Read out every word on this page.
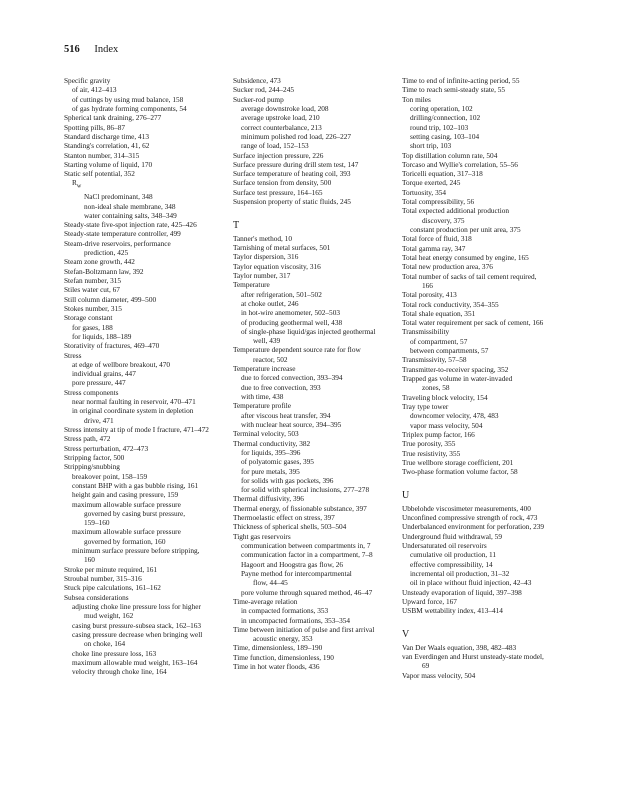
516 Index
Specific gravity
of air, 412–413
of cuttings by using mud balance, 158
of gas hydrate forming components, 54
Spherical tank draining, 276–277
Spotting pills, 86–87
Standard discharge time, 413
Standing's correlation, 41, 62
Stanton number, 314–315
Starting volume of liquid, 170
Static self potential, 352
$R_w$
NaCl predominant, 348
non-ideal shale membrane, 348
water containing salts, 348–349
Steady-state five-spot injection rate, 425–426
Steady-state temperature controller, 499
Steam-drive reservoirs, performance
prediction, 425
Steam zone growth, 442
Stefan-Boltzmann law, 392
Stefan number, 315
Stiles water cut, 67
Still column diameter, 499–500
Stokes number, 315
Storage constant
for gases, 188
for liquids, 188–189
Storativity of fractures, 469–470
Stress
at edge of wellbore breakout, 470
individual grains, 447
pore pressure, 447
Stress components
near normal faulting in reservoir, 470–471
in original coordinate system in depletion
drive, 471
Stress intensity at tip of mode I fracture, 471–472
Stress path, 472
Stress perturbation, 472–473
Stripping factor, 500
Stripping/snubbing
breakover point, 158–159
constant BHP with a gas bubble rising, 161
height gain and casing pressure, 159
maximum allowable surface pressure
governed by casing burst pressure,
159–160
maximum allowable surface pressure
governed by formation, 160
minimum surface pressure before stripping,
160
Stroke per minute required, 161
Stroubal number, 315–316
Stuck pipe calculations, 161–162
Subsea considerations
adjusting choke line pressure loss for higher
mud weight, 162
casing burst pressure-subsea stack, 162–163
casing pressure decrease when bringing well
on choke, 164
choke line pressure loss, 163
maximum allowable mud weight, 163–164
velocity through choke line, 164
Subsidence, 473
Sucker rod, 244–245
Sucker-rod pump
average downstroke load, 208
average upstroke load, 210
correct counterbalance, 213
minimum polished rod load, 226–227
range of load, 152–153
Surface injection pressure, 226
Surface pressure during drill stem test, 147
Surface temperature of heating coil, 393
Surface tension from density, 500
Surface test pressure, 164–165
Suspension property of static fluids, 245
T
Tanner's method, 10
Tarnishing of metal surfaces, 501
Taylor dispersion, 316
Taylor equation viscosity, 316
Taylor number, 317
Temperature
after refrigeration, 501–502
at choke outlet, 246
in hot-wire anemometer, 502–503
of producing geothermal well, 438
of single-phase liquid/gas injected geothermal
well, 439
Temperature dependent source rate for flow
reactor, 502
Temperature increase
due to forced convection, 393–394
due to free convection, 393
with time, 438
Temperature profile
after viscous heat transfer, 394
with nuclear heat source, 394–395
Terminal velocity, 503
Thermal conductivity, 382
for liquids, 395–396
of polyatomic gases, 395
for pure metals, 395
for solids with gas pockets, 396
for solid with spherical inclusions, 277–278
Thermal diffusivity, 396
Thermal energy, of fissionable substance, 397
Thermoelastic effect on stress, 397
Thickness of spherical shells, 503–504
Tight gas reservoirs
communication between compartments in, 7
communication factor in a compartment, 7–8
Hagoort and Hoogstra gas flow, 26
Payne method for intercompartmental
flow, 44–45
pore volume through squared method, 46–47
Time-average relation
in compacted formations, 353
in uncompacted formations, 353–354
Time between initiation of pulse and first arrival
acoustic energy, 353
Time, dimensionless, 189–190
Time function, dimensionless, 190
Time in hot water floods, 436
Time to end of infinite-acting period, 55
Time to reach semi-steady state, 55
Ton miles
coring operation, 102
drilling/connection, 102
round trip, 102–103
setting casing, 103–104
short trip, 103
Top distillation column rate, 504
Torcaso and Wyllie's correlation, 55–56
Toricelli equation, 317–318
Torque exerted, 245
Tortuosity, 354
Total compressibility, 56
Total expected additional production
discovery, 375
constant production per unit area, 375
Total force of fluid, 318
Total gamma ray, 347
Total heat energy consumed by engine, 165
Total new production area, 376
Total number of sacks of tail cement required,
166
Total porosity, 413
Total rock conductivity, 354–355
Total shale equation, 351
Total water requirement per sack of cement, 166
Transmissibility
of compartment, 57
between compartments, 57
Transmissivity, 57–58
Transmitter-to-receiver spacing, 352
Trapped gas volume in water-invaded
zones, 58
Traveling block velocity, 154
Tray type tower
downcomer velocity, 478, 483
vapor mass velocity, 504
Triplex pump factor, 166
True porosity, 355
True resistivity, 355
True wellbore storage coefficient, 201
Two-phase formation volume factor, 58
U
Ubbelohde viscosimeter measurements, 400
Unconfined compressive strength of rock, 473
Underbalanced environment for perforation, 239
Underground fluid withdrawal, 59
Undersaturated oil reservoirs
cumulative oil production, 11
effective compressibility, 14
incremental oil production, 31–32
oil in place without fluid injection, 42–43
Unsteady evaporation of liquid, 397–398
Upward force, 167
USBM wettability index, 413–414
V
Van Der Waals equation, 398, 482–483
van Everdingen and Hurst unsteady-state model,
69
Vapor mass velocity, 504
